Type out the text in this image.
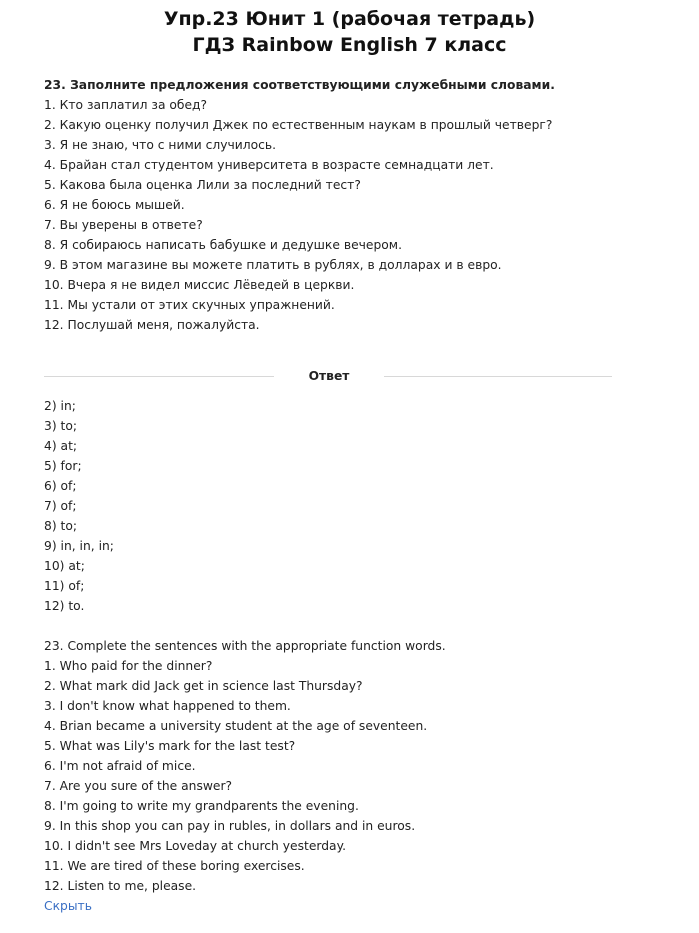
Упр.23 Юнит 1 (рабочая тетрадь)
ГДЗ Rainbow English 7 класс
23. Заполните предложения соответствующими служебными словами.
1. Кто заплатил за обед?
2. Какую оценку получил Джек по естественным наукам в прошлый четверг?
3. Я не знаю, что с ними случилось.
4. Брайан стал студентом университета в возрасте семнадцати лет.
5. Какова была оценка Лили за последний тест?
6. Я не боюсь мышей.
7. Вы уверены в ответе?
8. Я собираюсь написать бабушке и дедушке вечером.
9. В этом магазине вы можете платить в рублях, в долларах и в евро.
10. Вчера я не видел миссис Лёведей в церкви.
11. Мы устали от этих скучных упражнений.
12. Послушай меня, пожалуйста.
Ответ
2) in;
3) to;
4) at;
5) for;
6) of;
7) of;
8) to;
9) in, in, in;
10) at;
11) of;
12) to.
23. Complete the sentences with the appropriate function words.
1. Who paid for the dinner?
2. What mark did Jack get in science last Thursday?
3. I don't know what happened to them.
4. Brian became a university student at the age of seventeen.
5. What was Lily's mark for the last test?
6. I'm not afraid of mice.
7. Are you sure of the answer?
8. I'm going to write my grandparents the evening.
9. In this shop you can pay in rubles, in dollars and in euros.
10. I didn't see Mrs Loveday at church yesterday.
11. We are tired of these boring exercises.
12. Listen to me, please.
Скрыть
